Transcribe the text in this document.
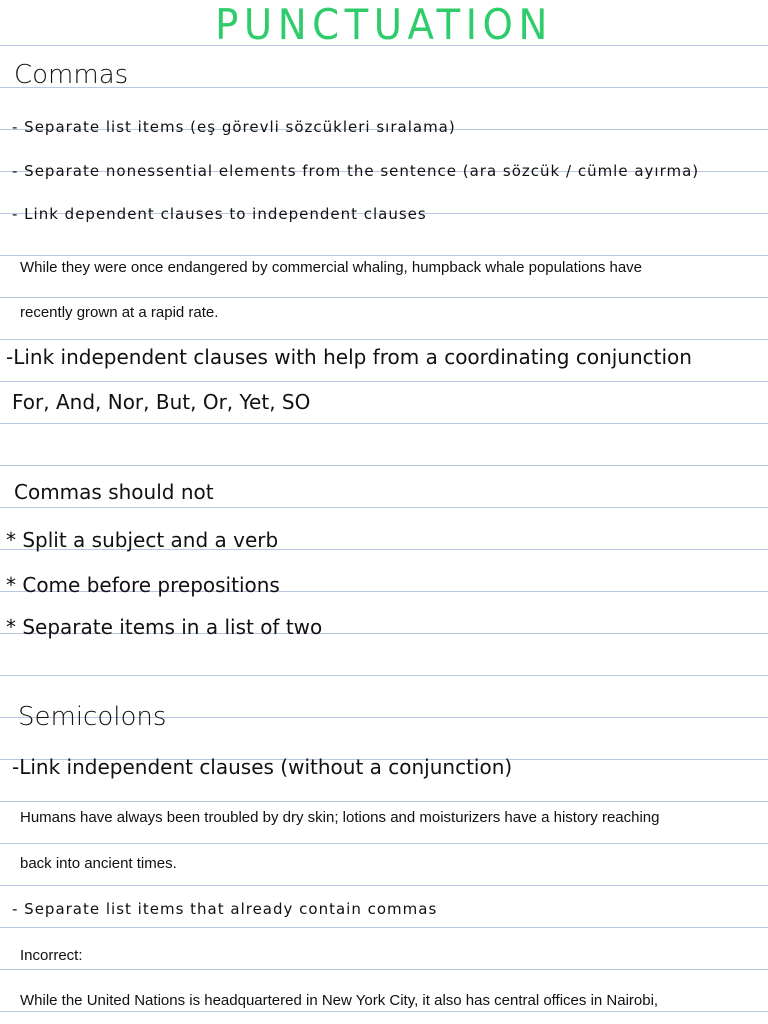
PUNCTUATION
Commas
- Separate list items (eş görevli sözcükleri sıralama)
- Separate nonessential elements from the sentence (ara sözcük / cümle ayırma)
- Link dependent clauses to independent clauses
While they were once endangered by commercial whaling, humpback whale populations have
recently grown at a rapid rate.
-Link independent clauses with help from a coordinating conjunction
For, And, Nor, But, Or, Yet, SO
Commas should not
* Split a subject and a verb
* Come before prepositions
* Separate items in a list of two
Semicolons
-Link independent clauses (without a conjunction)
Humans have always been troubled by dry skin; lotions and moisturizers have a history reaching
back into ancient times.
- Separate list items that already contain commas
Incorrect:
While the United Nations is headquartered in New York City, it also has central offices in Nairobi,
